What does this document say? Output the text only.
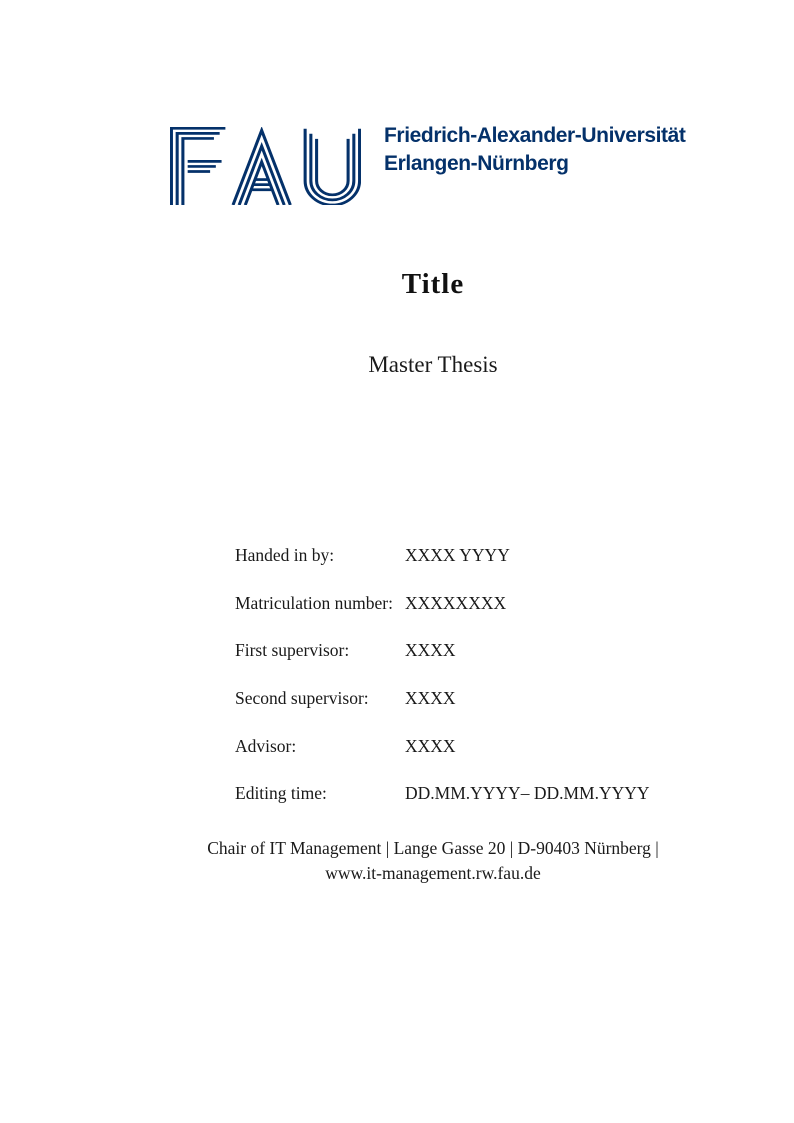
Friedrich-Alexander-Universität
Erlangen-Nürnberg
Title
Master Thesis
Handed in by:	XXXX YYYY
Matriculation number: XXXXXXXX
First supervisor:	XXXX
Second supervisor:	XXXX
Advisor:	XXXX
Editing time:	DD.MM.YYYY– DD.MM.YYYY
Chair of IT Management | Lange Gasse 20 | D-90403 Nürnberg |
www.it-management.rw.fau.de
